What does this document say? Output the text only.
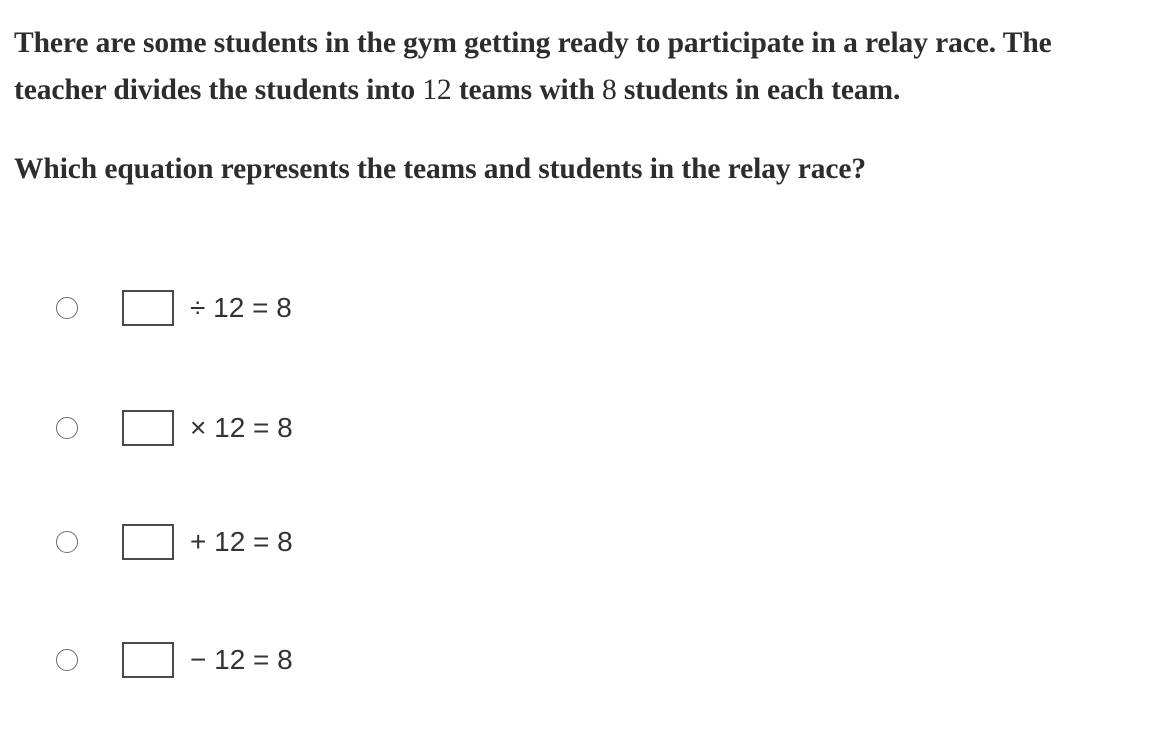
There are some students in the gym getting ready to participate in a relay race. The
teacher divides the students into 12 teams with 8 students in each team.

Which equation represents the teams and students in the relay race?

÷ 12 = 8
× 12 = 8
+ 12 = 8
− 12 = 8
